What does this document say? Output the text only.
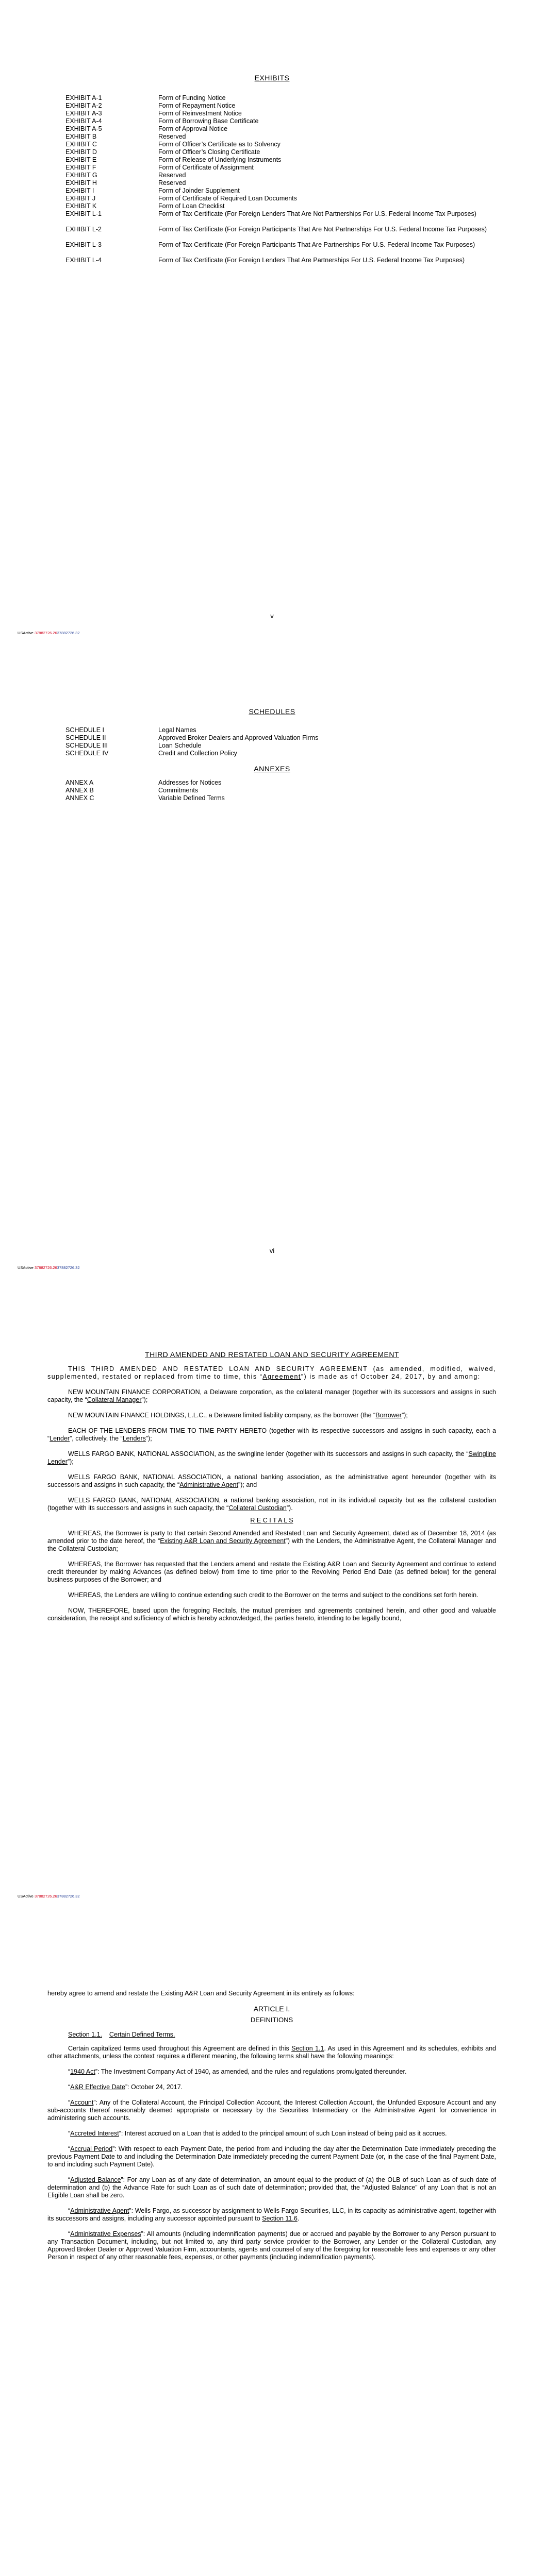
EXHIBITS
EXHIBIT A-1	Form of Funding Notice
EXHIBIT A-2	Form of Repayment Notice
EXHIBIT A-3	Form of Reinvestment Notice
EXHIBIT A-4	Form of Borrowing Base Certificate
EXHIBIT A-5	Form of Approval Notice
EXHIBIT B	Reserved
EXHIBIT C	Form of Officer’s Certificate as to Solvency
EXHIBIT D	Form of Officer’s Closing Certificate
EXHIBIT E	Form of Release of Underlying Instruments
EXHIBIT F	Form of Certificate of Assignment
EXHIBIT G	Reserved
EXHIBIT H	Reserved
EXHIBIT I	Form of Joinder Supplement
EXHIBIT J	Form of Certificate of Required Loan Documents
EXHIBIT K	Form of Loan Checklist
EXHIBIT L-1	Form of Tax Certificate (For Foreign Lenders That Are Not Partnerships For U.S. Federal Income Tax Purposes)
EXHIBIT L-2	Form of Tax Certificate (For Foreign Participants That Are Not Partnerships For U.S. Federal Income Tax Purposes)
EXHIBIT L-3	Form of Tax Certificate (For Foreign Participants That Are Partnerships For U.S. Federal Income Tax Purposes)
EXHIBIT L-4	Form of Tax Certificate (For Foreign Lenders That Are Partnerships For U.S. Federal Income Tax Purposes)
v
USActive 37882726.2637882726.32
SCHEDULES
SCHEDULE I	Legal Names
SCHEDULE II	Approved Broker Dealers and Approved Valuation Firms
SCHEDULE III	Loan Schedule
SCHEDULE IV	Credit and Collection Policy
ANNEXES
ANNEX A	Addresses for Notices
ANNEX B	Commitments
ANNEX C	Variable Defined Terms
vi
USActive 37882726.2637882726.32
THIRD AMENDED AND RESTATED LOAN AND SECURITY AGREEMENT

THIS THIRD AMENDED AND RESTATED LOAN AND SECURITY AGREEMENT (as amended, modified, waived, supplemented, restated or replaced from time to time, this “Agreement”) is made as of October 24, 2017, by and among:

NEW MOUNTAIN FINANCE CORPORATION, a Delaware corporation, as the collateral manager (together with its successors and assigns in such capacity, the “Collateral Manager”);

NEW MOUNTAIN FINANCE HOLDINGS, L.L.C., a Delaware limited liability company, as the borrower (the “Borrower”);

EACH OF THE LENDERS FROM TIME TO TIME PARTY HERETO (together with its respective successors and assigns in such capacity, each a “Lender”, collectively, the “Lenders”);

WELLS FARGO BANK, NATIONAL ASSOCIATION, as the swingline lender (together with its successors and assigns in such capacity, the “Swingline Lender”);

WELLS FARGO BANK, NATIONAL ASSOCIATION, a national banking association, as the administrative agent hereunder (together with its successors and assigns in such capacity, the “Administrative Agent”); and

WELLS FARGO BANK, NATIONAL ASSOCIATION, a national banking association, not in its individual capacity but as the collateral custodian (together with its successors and assigns in such capacity, the “Collateral Custodian”).

R E C I T A L S

WHEREAS, the Borrower is party to that certain Second Amended and Restated Loan and Security Agreement, dated as of December 18, 2014 (as amended prior to the date hereof, the “Existing A&R Loan and Security Agreement”) with the Lenders, the Administrative Agent, the Collateral Manager and the Collateral Custodian;

WHEREAS, the Borrower has requested that the Lenders amend and restate the Existing A&R Loan and Security Agreement and continue to extend credit thereunder by making Advances (as defined below) from time to time prior to the Revolving Period End Date (as defined below) for the general business purposes of the Borrower; and

WHEREAS, the Lenders are willing to continue extending such credit to the Borrower on the terms and subject to the conditions set forth herein.

NOW, THEREFORE, based upon the foregoing Recitals, the mutual premises and agreements contained herein, and other good and valuable consideration, the receipt and sufficiency of which is hereby acknowledged, the parties hereto, intending to be legally bound,

USActive 37882726.2637882726.32
hereby agree to amend and restate the Existing A&R Loan and Security Agreement in its entirety as follows:
ARTICLE I.
DEFINITIONS
Section 1.1. Certain Defined Terms.

Certain capitalized terms used throughout this Agreement are defined in this Section 1.1. As used in this Agreement and its schedules, exhibits and other attachments, unless the context requires a different meaning, the following terms shall have the following meanings:

“1940 Act”: The Investment Company Act of 1940, as amended, and the rules and regulations promulgated thereunder.

“A&R Effective Date”: October 24, 2017.

“Account”: Any of the Collateral Account, the Principal Collection Account, the Interest Collection Account, the Unfunded Exposure Account and any sub-accounts thereof reasonably deemed appropriate or necessary by the Securities Intermediary or the Administrative Agent for convenience in administering such accounts.

“Accreted Interest”: Interest accrued on a Loan that is added to the principal amount of such Loan instead of being paid as it accrues.

“Accrual Period”: With respect to each Payment Date, the period from and including the day after the Determination Date immediately preceding the previous Payment Date to and including the Determination Date immediately preceding the current Payment Date (or, in the case of the final Payment Date, to and including such Payment Date).

“Adjusted Balance”: For any Loan as of any date of determination, an amount equal to the product of (a) the OLB of such Loan as of such date of determination and (b) the Advance Rate for such Loan as of such date of determination; provided that, the “Adjusted Balance” of any Loan that is not an Eligible Loan shall be zero.

“Administrative Agent”: Wells Fargo, as successor by assignment to Wells Fargo Securities, LLC, in its capacity as administrative agent, together with its successors and assigns, including any successor appointed pursuant to Section 11.6.

“Administrative Expenses”: All amounts (including indemnification payments) due or accrued and payable by the Borrower to any Person pursuant to any Transaction Document, including, but not limited to, any third party service provider to the Borrower, any Lender or the Collateral Custodian, any Approved Broker Dealer or Approved Valuation Firm, accountants, agents and counsel of any of the foregoing for reasonable fees and expenses or any other Person in respect of any other reasonable fees, expenses, or other payments (including indemnification payments).
